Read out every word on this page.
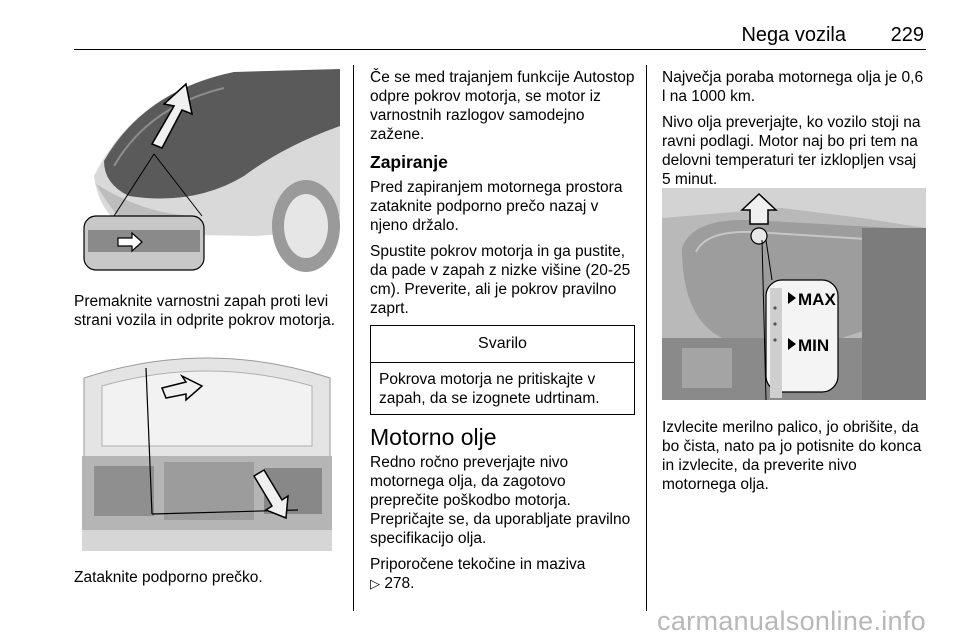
Nega vozila 229

Premaknite varnostni zapah proti levi strani vozila in odprite pokrov motorja.

Zataknite podporno prečko.

Če se med trajanjem funkcije Autostop odpre pokrov motorja, se motor iz varnostnih razlogov samodejno zažene.

Zapiranje

Pred zapiranjem motornega prostora zataknite podporno prečo nazaj v njeno držalo.

Spustite pokrov motorja in ga pustite, da pade v zapah z nizke višine (20-25 cm). Preverite, ali je pokrov pravilno zaprt.

Svarilo
Pokrova motorja ne pritiskajte v zapah, da se izognete udrtinam.
Motorno olje

Redno ročno preverjajte nivo motornega olja, da zagotovo preprečite poškodbo motorja. Prepričajte se, da uporabljate pravilno specifikacijo olja.

Priporočene tekočine in maziva
▷ 278.

Največja poraba motornega olja je 0,6 l na 1000 km.

Nivo olja preverjajte, ko vozilo stoji na ravni podlagi. Motor naj bo pri tem na delovni temperaturi ter izklopljen vsaj 5 minut.

MAX
MIN

Izvlecite merilno palico, jo obrišite, da bo čista, nato pa jo potisnite do konca in izvlecite, da preverite nivo motornega olja.

carmanualsonline.info
